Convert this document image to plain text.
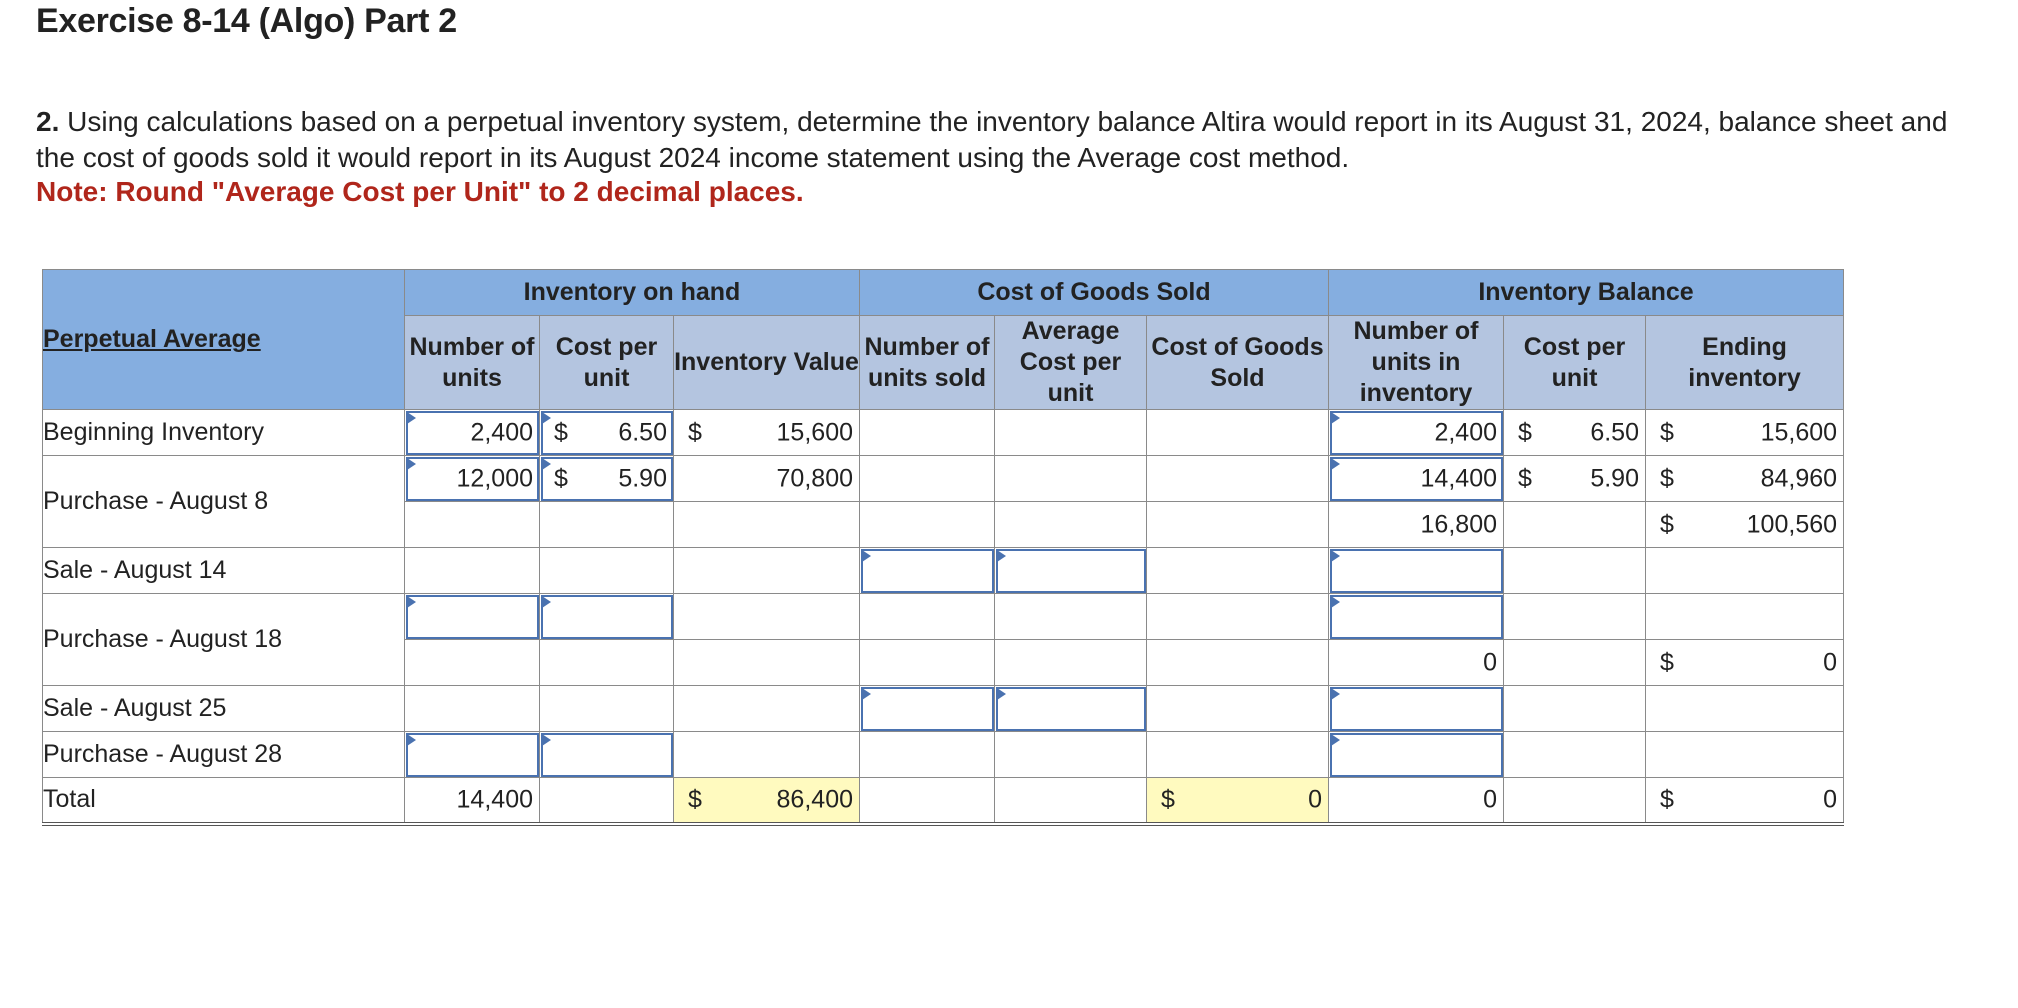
Exercise 8-14 (Algo) Part 2
2. Using calculations based on a perpetual inventory system, determine the inventory balance Altira would report in its August 31, 2024, balance sheet and the cost of goods sold it would report in its August 2024 income statement using the Average cost method.
Note: Round "Average Cost per Unit" to 2 decimal places.
Perpetual Average	Inventory on hand			Cost of Goods Sold			Inventory Balance		
	Number of units	Cost per unit	Inventory Value	Number of units sold	Average Cost per unit	Cost of Goods Sold	Number of units in inventory	Cost per unit	Ending inventory
Beginning Inventory	2,400	$ 6.50	$ 15,600				2,400	$ 6.50	$ 15,600

Purchase - August 8	12,000	$ 5.90	70,800				14,400	$ 5.90	$ 84,960

							16,800		$ 100,560

Sale - August 14									
Purchase - August 18									

							0		$ 0

Sale - August 25									
Purchase - August 28									
Total	14,400		$ 86,400			$ 0	0		$ 0
